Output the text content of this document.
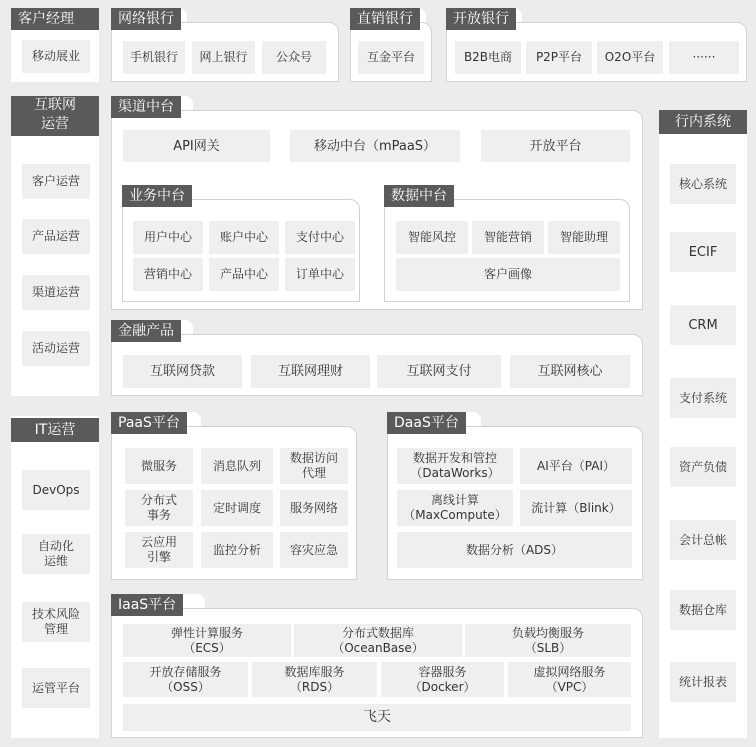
客户经理
移动展业
网络银行
手机银行	网上银行	公众号
直销银行
互金平台
开放银行
B2B电商	P2P平台	O2O平台	······
互联网
运营
客户运营
产品运营
渠道运营
活动运营
IT运营
DevOps
自动化
运维
技术风险
管理
运管平台
行内系统
核心系统
ECIF
CRM
支付系统
资产负债
会计总帐
数据仓库
统计报表
渠道中台
API网关	移动中台（mPaaS）	开放平台
业务中台
用户中心	账户中心	支付中心
营销中心	产品中心	订单中心
数据中台
智能风控	智能营销	智能助理
客户画像
金融产品
互联网贷款	互联网理财	互联网支付	互联网核心
PaaS平台
微服务	消息队列
数据访问
代理
分布式
事务
定时调度	服务网络
云应用
引擎
监控分析	容灾应急
DaaS平台
数据开发和管控
（DataWorks）
AI平台（PAI）
离线计算
（MaxCompute）
流计算（Blink）
数据分析（ADS）
IaaS平台
弹性计算服务
（ECS）
分布式数据库
（OceanBase）
负载均衡服务
（SLB）
开放存储服务
（OSS）
数据库服务
（RDS）
容器服务
（Docker）
虚拟网络服务
（VPC）
飞天
